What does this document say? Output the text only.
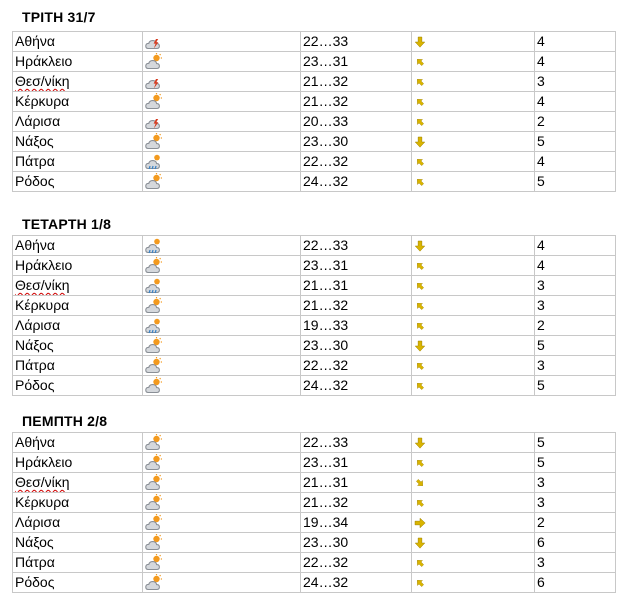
ΤΡΙΤΗ 31/7
Αθήνα		22…33		4
Ηράκλειο		23…31		4
Θεσ/νίκη		21…32		3
Κέρκυρα		21…32		4
Λάρισα		20…33		2
Νάξος		23…30		5
Πάτρα		22…32		4
Ρόδος		24…32		5
ΤΕΤΑΡΤΗ 1/8
Αθήνα		22…33		4
Ηράκλειο		23…31		4
Θεσ/νίκη		21…31		3
Κέρκυρα		21…32		3
Λάρισα		19…33		2
Νάξος		23…30		5
Πάτρα		22…32		3
Ρόδος		24…32		5
ΠΕΜΠΤΗ 2/8
Αθήνα		22…33		5
Ηράκλειο		23…31		5
Θεσ/νίκη		21…31		3
Κέρκυρα		21…32		3
Λάρισα		19…34		2
Νάξος		23…30		6
Πάτρα		22…32		3
Ρόδος		24…32		6
